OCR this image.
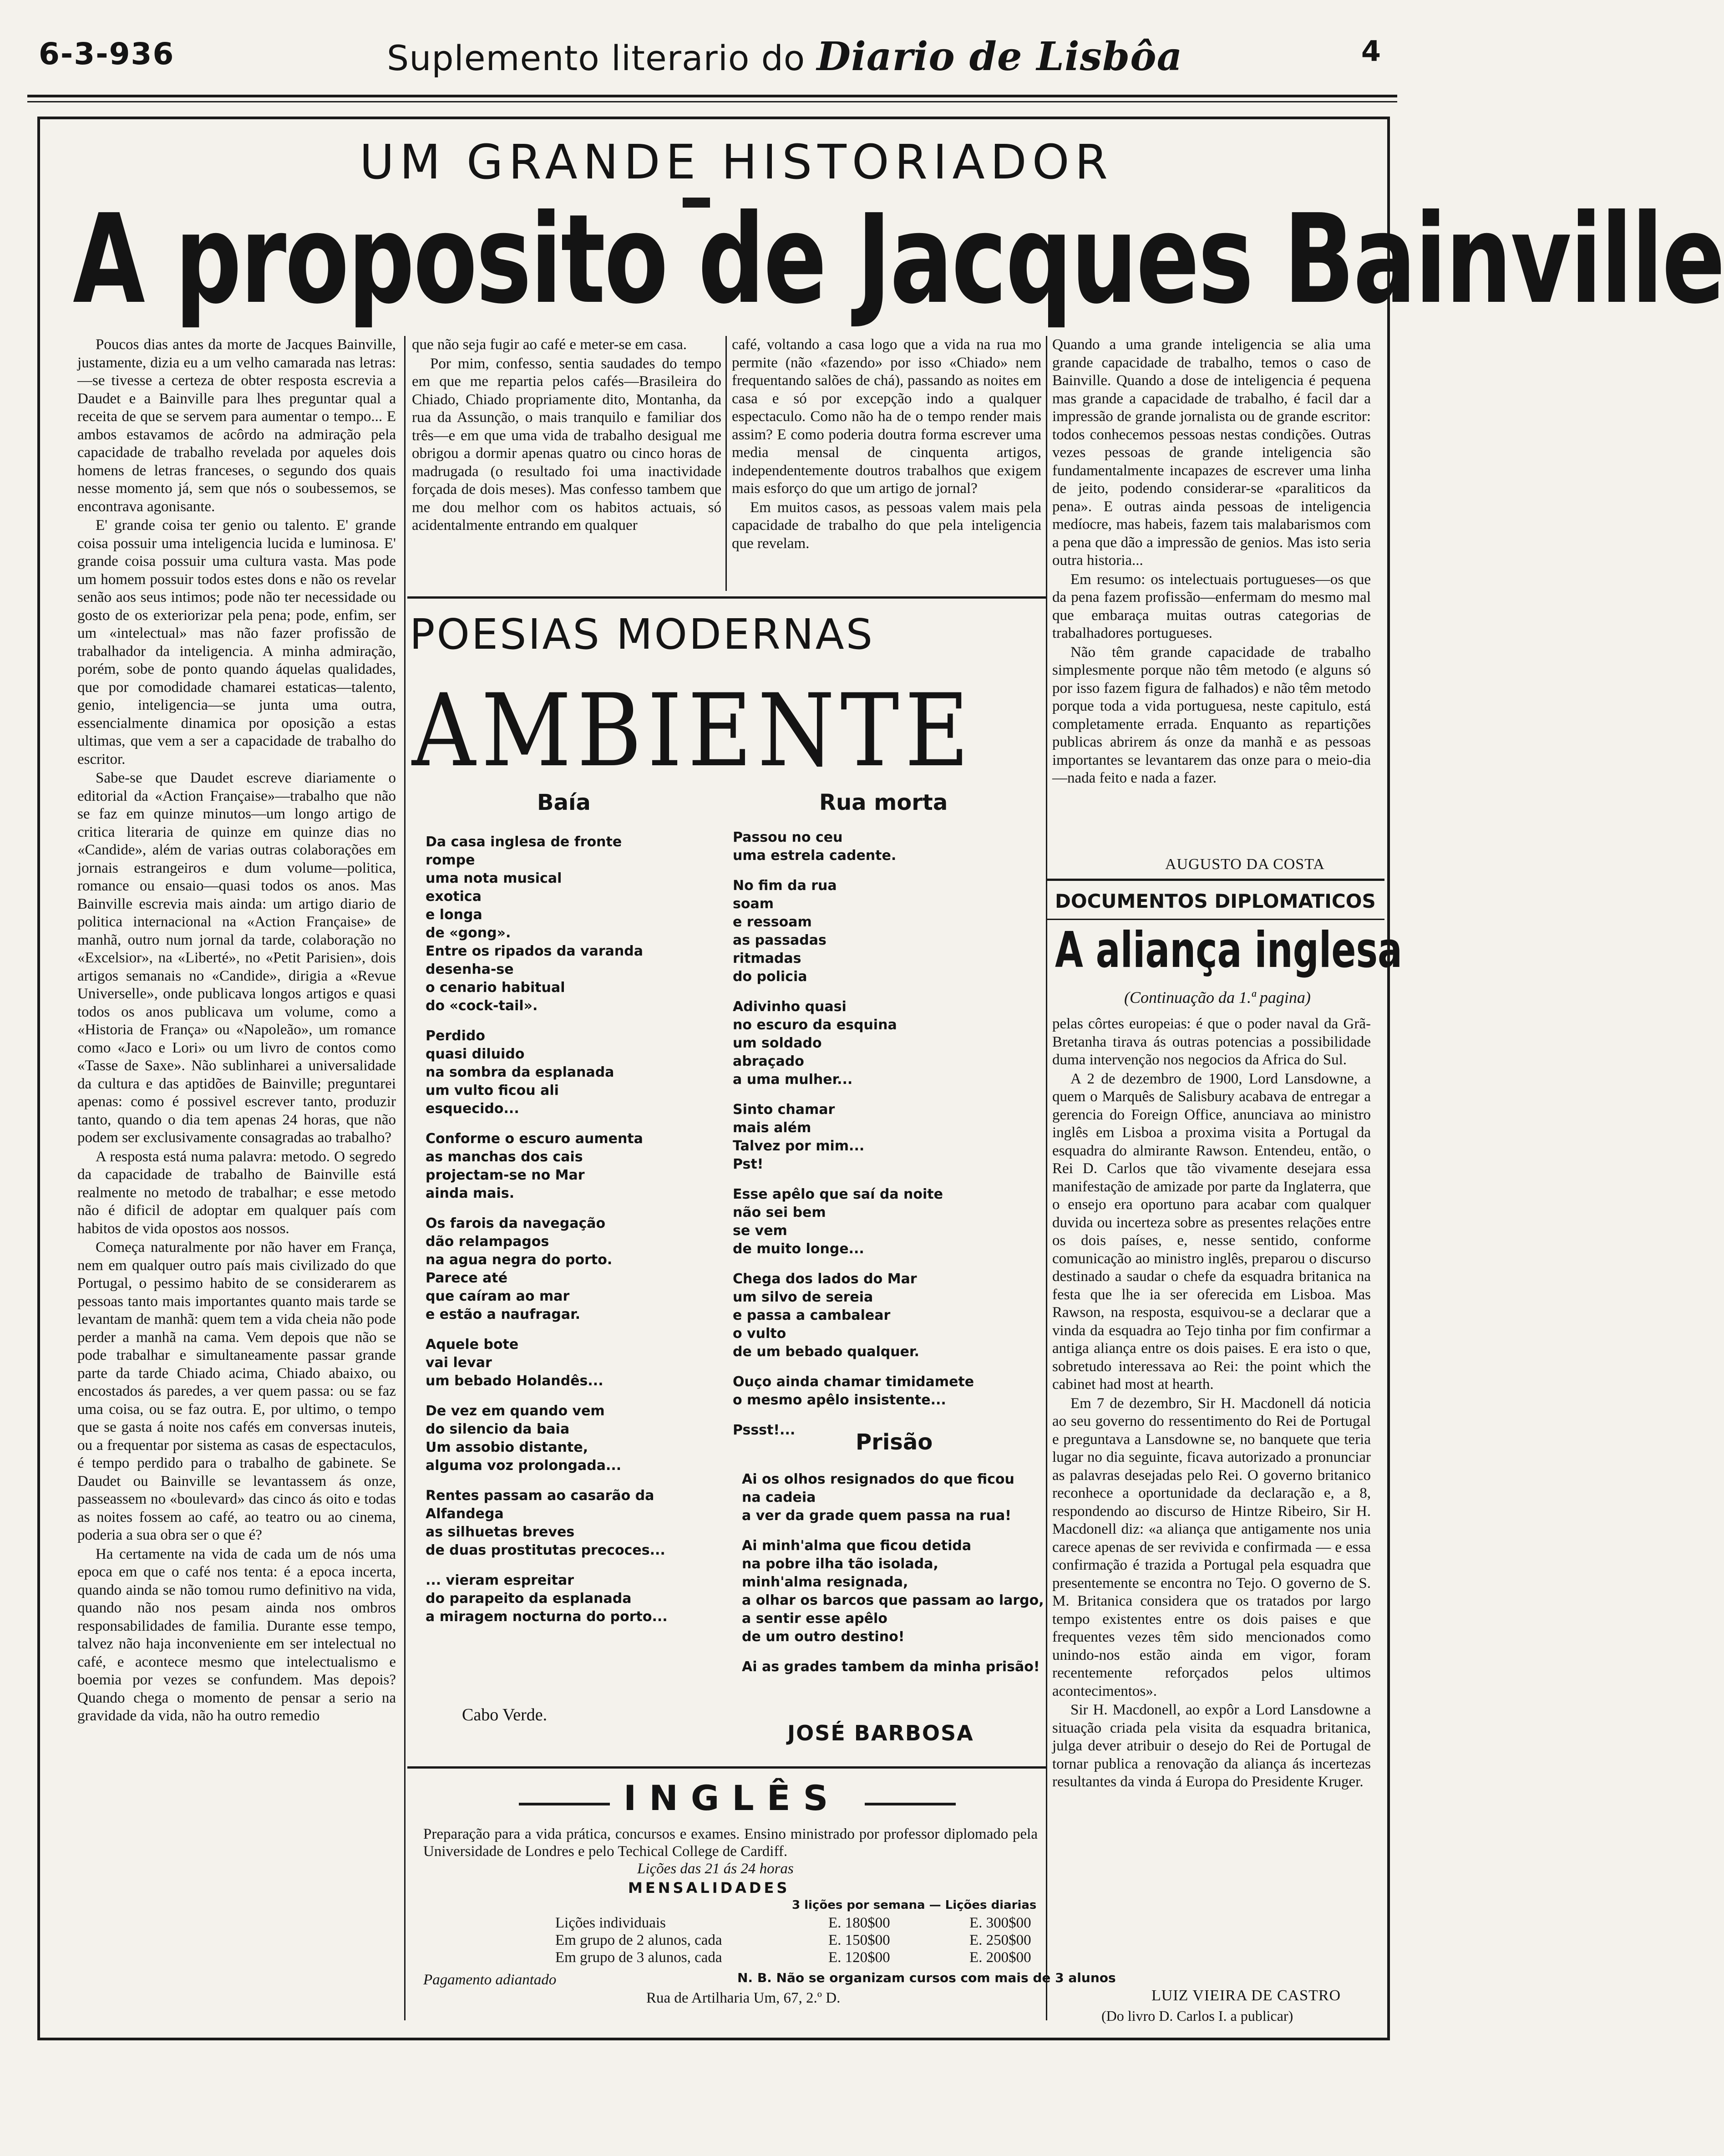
6-3-936	Suplemento literario do Diario de Lisbôa	4
UM GRANDE HISTORIADOR
A proposito de Jacques Bainville

Poucos dias antes da morte de Jacques Bainville, justamente, dizia eu a um velho camarada nas letras:—se tivesse a certeza de obter resposta escrevia a Daudet e a Bainville para lhes preguntar qual a receita de que se servem para aumentar o tempo... E ambos estavamos de acôrdo na admiração pela capacidade de trabalho revelada por aqueles dois homens de letras franceses, o segundo dos quais nesse momento já, sem que nós o soubessemos, se encontrava agonisante.

E' grande coisa ter genio ou talento. E' grande coisa possuir uma inteligencia lucida e luminosa. E' grande coisa possuir uma cultura vasta. Mas pode um homem possuir todos estes dons e não os revelar senão aos seus intimos; pode não ter necessidade ou gosto de os exteriorizar pela pena; pode, enfim, ser um «intelectual» mas não fazer profissão de trabalhador da inteligencia. A minha admiração, porém, sobe de ponto quando áquelas qualidades, que por comodidade chamarei estaticas—talento, genio, inteligencia—se junta uma outra, essencialmente dinamica por oposição a estas ultimas, que vem a ser a capacidade de trabalho do escritor.

Sabe-se que Daudet escreve diariamente o editorial da «Action Française»—trabalho que não se faz em quinze minutos—um longo artigo de critica literaria de quinze em quinze dias no «Candide», além de varias outras colaborações em jornais estrangeiros e dum volume—politica, romance ou ensaio—quasi todos os anos. Mas Bainville escrevia mais ainda: um artigo diario de politica internacional na «Action Française» de manhã, outro num jornal da tarde, colaboração no «Excelsior», na «Liberté», no «Petit Parisien», dois artigos semanais no «Candide», dirigia a «Revue Universelle», onde publicava longos artigos e quasi todos os anos publicava um volume, como a «Historia de França» ou «Napoleão», um romance como «Jaco e Lori» ou um livro de contos como «Tasse de Saxe». Não sublinharei a universalidade da cultura e das aptidões de Bainville; preguntarei apenas: como é possivel escrever tanto, produzir tanto, quando o dia tem apenas 24 horas, que não podem ser exclusivamente consagradas ao trabalho?

A resposta está numa palavra: metodo. O segredo da capacidade de trabalho de Bainville está realmente no metodo de trabalhar; e esse metodo não é dificil de adoptar em qualquer país com habitos de vida opostos aos nossos.

Começa naturalmente por não haver em França, nem em qualquer outro país mais civilizado do que Portugal, o pessimo habito de se considerarem as pessoas tanto mais importantes quanto mais tarde se levantam de manhã: quem tem a vida cheia não pode perder a manhã na cama. Vem depois que não se pode trabalhar e simultaneamente passar grande parte da tarde Chiado acima, Chiado abaixo, ou encostados ás paredes, a ver quem passa: ou se faz uma coisa, ou se faz outra. E, por ultimo, o tempo que se gasta á noite nos cafés em conversas inuteis, ou a frequentar por sistema as casas de espectaculos, é tempo perdido para o trabalho de gabinete. Se Daudet ou Bainville se levantassem ás onze, passeassem no «boulevard» das cinco ás oito e todas as noites fossem ao café, ao teatro ou ao cinema, poderia a sua obra ser o que é?

Ha certamente na vida de cada um de nós uma epoca em que o café nos tenta: é a epoca incerta, quando ainda se não tomou rumo definitivo na vida, quando não nos pesam ainda nos ombros responsabilidades de familia. Durante esse tempo, talvez não haja inconveniente em ser intelectual no café, e acontece mesmo que intelectualismo e boemia por vezes se confundem. Mas depois? Quando chega o momento de pensar a serio na gravidade da vida, não ha outro remedio

que não seja fugir ao café e meter-se em casa.

Por mim, confesso, sentia saudades do tempo em que me repartia pelos cafés—Brasileira do Chiado, Chiado propriamente dito, Montanha, da rua da Assunção, o mais tranquilo e familiar dos três—e em que uma vida de trabalho desigual me obrigou a dormir apenas quatro ou cinco horas de madrugada (o resultado foi uma inactividade forçada de dois meses). Mas confesso tambem que me dou melhor com os habitos actuais, só acidentalmente entrando em qualquer

café, voltando a casa logo que a vida na rua mo permite (não «fazendo» por isso «Chiado» nem frequentando salões de chá), passando as noites em casa e só por excepção indo a qualquer espectaculo. Como não ha de o tempo render mais assim? E como poderia doutra forma escrever uma media mensal de cinquenta artigos, independentemente doutros trabalhos que exigem mais esforço do que um artigo de jornal?

Em muitos casos, as pessoas valem mais pela capacidade de trabalho do que pela inteligencia que revelam.

Quando a uma grande inteligencia se alia uma grande capacidade de trabalho, temos o caso de Bainville. Quando a dose de inteligencia é pequena mas grande a capacidade de trabalho, é facil dar a impressão de grande jornalista ou de grande escritor: todos conhecemos pessoas nestas condições. Outras vezes pessoas de grande inteligencia são fundamentalmente incapazes de escrever uma linha de jeito, podendo considerar-se «paraliticos da pena». E outras ainda pessoas de inteligencia medíocre, mas habeis, fazem tais malabarismos com a pena que dão a impressão de genios. Mas isto seria outra historia...

Em resumo: os intelectuais portugueses—os que da pena fazem profissão—enfermam do mesmo mal que embaraça muitas outras categorias de trabalhadores portugueses.

Não têm grande capacidade de trabalho simplesmente porque não têm metodo (e alguns só por isso fazem figura de falhados) e não têm metodo porque toda a vida portuguesa, neste capitulo, está completamente errada. Enquanto as repartições publicas abrirem ás onze da manhã e as pessoas importantes se levantarem das onze para o meio-dia—nada feito e nada a fazer.

AUGUSTO DA COSTA
POESIAS MODERNAS
AMBIENTE
Baía
Da casa inglesa de fronte
rompe
uma nota musical
exotica
e longa
de «gong».
Entre os ripados da varanda
desenha-se
o cenario habitual
do «cock-tail».
Perdido
quasi diluido
na sombra da esplanada
um vulto ficou ali
esquecido...
Conforme o escuro aumenta
as manchas dos cais
projectam-se no Mar
ainda mais.
Os farois da navegação
dão relampagos
na agua negra do porto.
Parece até
que caíram ao mar
e estão a naufragar.
Aquele bote
vai levar
um bebado Holandês...
De vez em quando vem
do silencio da baia
Um assobio distante,
alguma voz prolongada...
Rentes passam ao casarão da Alfandega
as silhuetas breves
de duas prostitutas precoces...
... vieram espreitar
do parapeito da esplanada
a miragem nocturna do porto...
Cabo Verde.
Rua morta
Passou no ceu
uma estrela cadente.
No fim da rua
soam
e ressoam
as passadas
ritmadas
do policia
Adivinho quasi
no escuro da esquina
um soldado
abraçado
a uma mulher...
Sinto chamar
mais além
Talvez por mim...
Pst!
Esse apêlo que saí da noite
não sei bem
se vem
de muito longe...
Chega dos lados do Mar
um silvo de sereia
e passa a cambalear
o vulto
de um bebado qualquer.
Ouço ainda chamar timidamete
o mesmo apêlo insistente...
Pssst!...	Prisão
Ai os olhos resignados do que ficou na cadeia
a ver da grade quem passa na rua!
Ai minh'alma que ficou detida
na pobre ilha tão isolada,
minh'alma resignada,
a olhar os barcos que passam ao largo,
a sentir esse apêlo
de um outro destino!
Ai as grades tambem da minha prisão!
JOSÉ BARBOSA
INGLÊS
Preparação para a vida prática, concursos e exames. Ensino ministrado por professor diplomado pela Universidade de Londres e pelo Techical College de Cardiff.
Lições das 21 ás 24 horas
MENSALIDADES
3 lições por semana — Lições diarias
Lições individuais	E. 180$00	E. 300$00
Em grupo de 2 alunos, cada	E. 150$00	E. 250$00
Em grupo de 3 alunos, cada	E. 120$00	E. 200$00
Pagamento adiantado	N. B. Não se organizam cursos com mais de 3 alunos
Rua de Artilharia Um, 67, 2.º D.
DOCUMENTOS DIPLOMATICOS
A aliança inglesa
(Continuação da 1.ª pagina)

pelas côrtes europeias: é que o poder naval da Grã-Bretanha tirava ás outras potencias a possibilidade duma intervenção nos negocios da Africa do Sul.

A 2 de dezembro de 1900, Lord Lansdowne, a quem o Marquês de Salisbury acabava de entregar a gerencia do Foreign Office, anunciava ao ministro inglês em Lisboa a proxima visita a Portugal da esquadra do almirante Rawson. Entendeu, então, o Rei D. Carlos que tão vivamente desejara essa manifestação de amizade por parte da Inglaterra, que o ensejo era oportuno para acabar com qualquer duvida ou incerteza sobre as presentes relações entre os dois países, e, nesse sentido, conforme comunicação ao ministro inglês, preparou o discurso destinado a saudar o chefe da esquadra britanica na festa que lhe ia ser oferecida em Lisboa. Mas Rawson, na resposta, esquivou-se a declarar que a vinda da esquadra ao Tejo tinha por fim confirmar a antiga aliança entre os dois paises. E era isto o que, sobretudo interessava ao Rei: the point which the cabinet had most at hearth.

Em 7 de dezembro, Sir H. Macdonell dá noticia ao seu governo do ressentimento do Rei de Portugal e preguntava a Lansdowne se, no banquete que teria lugar no dia seguinte, ficava autorizado a pronunciar as palavras desejadas pelo Rei. O governo britanico reconhece a oportunidade da declaração e, a 8, respondendo ao discurso de Hintze Ribeiro, Sir H. Macdonell diz: «a aliança que antigamente nos unia carece apenas de ser revivida e confirmada — e essa confirmação é trazida a Portugal pela esquadra que presentemente se encontra no Tejo. O governo de S. M. Britanica considera que os tratados por largo tempo existentes entre os dois paises e que frequentes vezes têm sido mencionados como unindo-nos estão ainda em vigor, foram recentemente reforçados pelos ultimos acontecimentos».

Sir H. Macdonell, ao expôr a Lord Lansdowne a situação criada pela visita da esquadra britanica, julga dever atribuir o desejo do Rei de Portugal de tornar publica a renovação da aliança ás incertezas resultantes da vinda á Europa do Presidente Kruger.

LUIZ VIEIRA DE CASTRO
(Do livro D. Carlos I. a publicar)
